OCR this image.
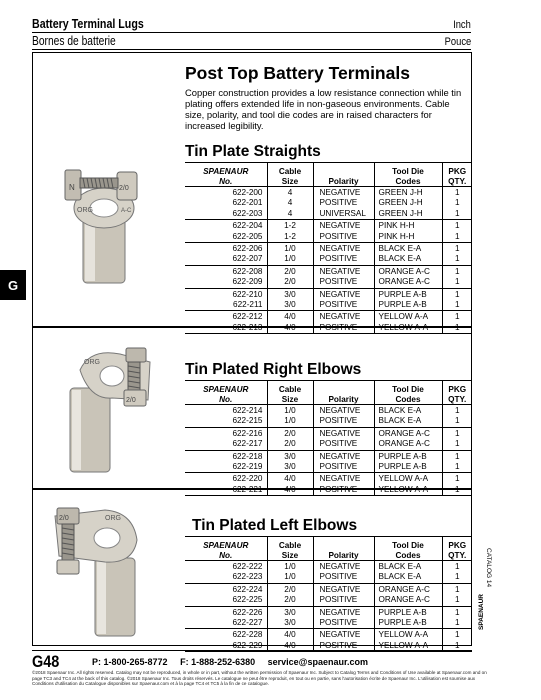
Battery Terminal Lugs	Inch
Bornes de batterie	Pouce
G
N	2/0
ORG	A-C
ORG
2/0
2/0	ORG
Post Top Battery Terminals
Copper construction provides a low resistance connection while tin plating offers extended life in non-gaseous environments. Cable size, polarity, and tool die codes are in raised characters for increased legibility.
Tin Plate Straights
SPAENAUR
No.	Cable
Size	Polarity	Tool Die
Codes	PKG
QTY.
622-200	4	NEGATIVE	GREEN J-H	1
622-201	4	POSITIVE	GREEN J-H	1
622-203	4	UNIVERSAL	GREEN J-H	1
622-204	1-2	NEGATIVE	PINK H-H	1
622-205	1-2	POSITIVE	PINK H-H	1
622-206	1/0	NEGATIVE	BLACK E-A	1
622-207	1/0	POSITIVE	BLACK E-A	1
622-208	2/0	NEGATIVE	ORANGE A-C	1
622-209	2/0	POSITIVE	ORANGE A-C	1
622-210	3/0	NEGATIVE	PURPLE A-B	1
622-211	3/0	POSITIVE	PURPLE A-B	1
622-212	4/0	NEGATIVE	YELLOW A-A	1
622-213	4/0	POSITIVE	YELLOW A-A	1
Tin Plated Right Elbows
SPAENAUR
No.	Cable
Size	Polarity	Tool Die
Codes	PKG
QTY.
622-214	1/0	NEGATIVE	BLACK E-A	1
622-215	1/0	POSITIVE	BLACK E-A	1
622-216	2/0	NEGATIVE	ORANGE A-C	1
622-217	2/0	POSITIVE	ORANGE A-C	1
622-218	3/0	NEGATIVE	PURPLE A-B	1
622-219	3/0	POSITIVE	PURPLE A-B	1
622-220	4/0	NEGATIVE	YELLOW A-A	1
622-221	4/0	POSITIVE	YELLOW A-A	1
Tin Plated Left Elbows
SPAENAUR
No.	Cable
Size	Polarity	Tool Die
Codes	PKG
QTY.
622-222	1/0	NEGATIVE	BLACK E-A	1
622-223	1/0	POSITIVE	BLACK E-A	1
622-224	2/0	NEGATIVE	ORANGE A-C	1
622-225	2/0	POSITIVE	ORANGE A-C	1
622-226	3/0	NEGATIVE	PURPLE A-B	1
622-227	3/0	POSITIVE	PURPLE A-B	1
622-228	4/0	NEGATIVE	YELLOW A-A	1
622-229	4/0	POSITIVE	YELLOW A-A	1
CATALOG 14
SPAENAUR
G48	P: 1-800-265-8772 F: 1-888-252-6380 service@spaenaur.com
©2018 Spaenaur Inc. All rights reserved. Catalog may not be reproduced, in whole or in part, without the written permission of Spaenaur Inc. Subject to Catalog Terms and Conditions of Use available at Spaenaur.com and on page TC3 and TC4 at the back of this catalog. ©2018 Spaenaur Inc. Tous droits réservés. Le catalogue ne peut être reproduit, en tout ou en partie, sans l'autorisation écrite de Spaenaur Inc. L'utilisation est soumise aux Conditions d'utilisation du Catalogue disponibles sur Spaenaur.com et à la page TC4 et TC5 à la fin de ce catalogue.
